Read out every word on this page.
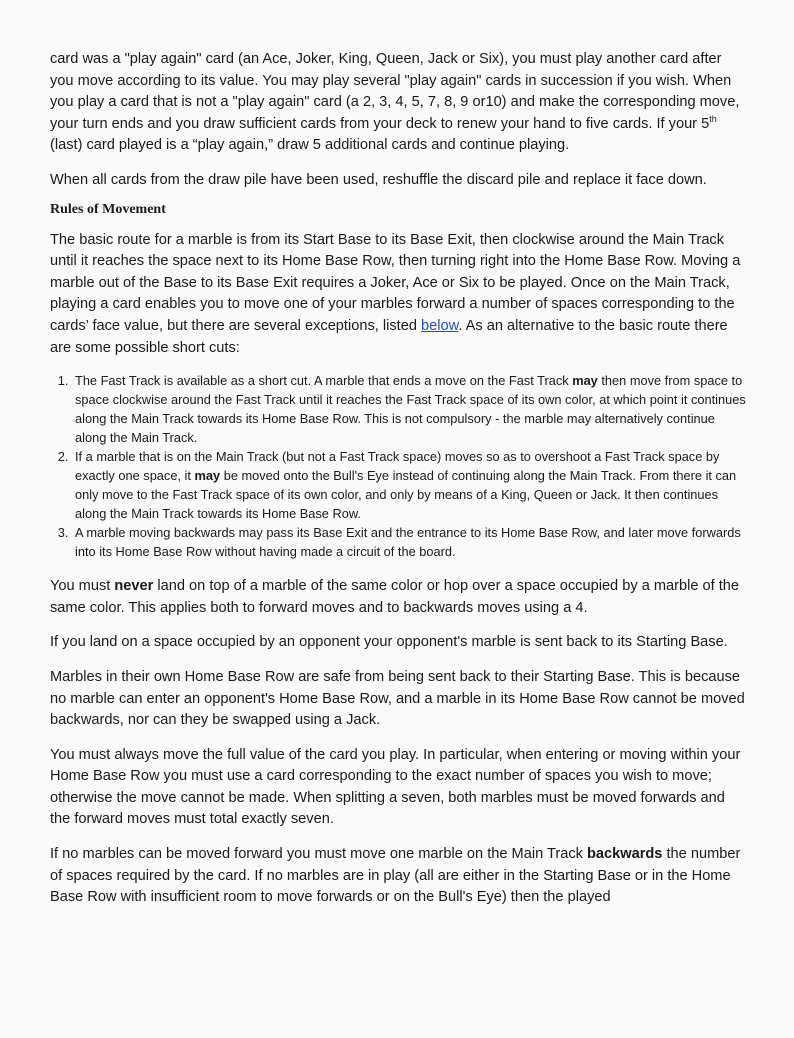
card was a "play again" card (an Ace, Joker, King, Queen, Jack or Six), you must play another card after you move according to its value. You may play several "play again" cards in succession if you wish. When you play a card that is not a "play again" card (a 2, 3, 4, 5, 7, 8, 9 or10) and make the corresponding move, your turn ends and you draw sufficient cards from your deck to renew your hand to five cards. If your 5th (last) card played is a “play again,” draw 5 additional cards and continue playing.

When all cards from the draw pile have been used, reshuffle the discard pile and replace it face down.

Rules of Movement

The basic route for a marble is from its Start Base to its Base Exit, then clockwise around the Main Track until it reaches the space next to its Home Base Row, then turning right into the Home Base Row. Moving a marble out of the Base to its Base Exit requires a Joker, Ace or Six to be played. Once on the Main Track, playing a card enables you to move one of your marbles forward a number of spaces corresponding to the cards’ face value, but there are several exceptions, listed below. As an alternative to the basic route there are some possible short cuts:

1. The Fast Track is available as a short cut. A marble that ends a move on the Fast Track may then move from space to space clockwise around the Fast Track until it reaches the Fast Track space of its own color, at which point it continues along the Main Track towards its Home Base Row. This is not compulsory - the marble may alternatively continue along the Main Track.
2. If a marble that is on the Main Track (but not a Fast Track space) moves so as to overshoot a Fast Track space by exactly one space, it may be moved onto the Bull's Eye instead of continuing along the Main Track. From there it can only move to the Fast Track space of its own color, and only by means of a King, Queen or Jack. It then continues along the Main Track towards its Home Base Row.
3. A marble moving backwards may pass its Base Exit and the entrance to its Home Base Row, and later move forwards into its Home Base Row without having made a circuit of the board.

You must never land on top of a marble of the same color or hop over a space occupied by a marble of the same color. This applies both to forward moves and to backwards moves using a 4.

If you land on a space occupied by an opponent your opponent's marble is sent back to its Starting Base.

Marbles in their own Home Base Row are safe from being sent back to their Starting Base. This is because no marble can enter an opponent's Home Base Row, and a marble in its Home Base Row cannot be moved backwards, nor can they be swapped using a Jack.

You must always move the full value of the card you play. In particular, when entering or moving within your Home Base Row you must use a card corresponding to the exact number of spaces you wish to move; otherwise the move cannot be made. When splitting a seven, both marbles must be moved forwards and the forward moves must total exactly seven.

If no marbles can be moved forward you must move one marble on the Main Track backwards the number of spaces required by the card. If no marbles are in play (all are either in the Starting Base or in the Home Base Row with insufficient room to move forwards or on the Bull's Eye) then the played
